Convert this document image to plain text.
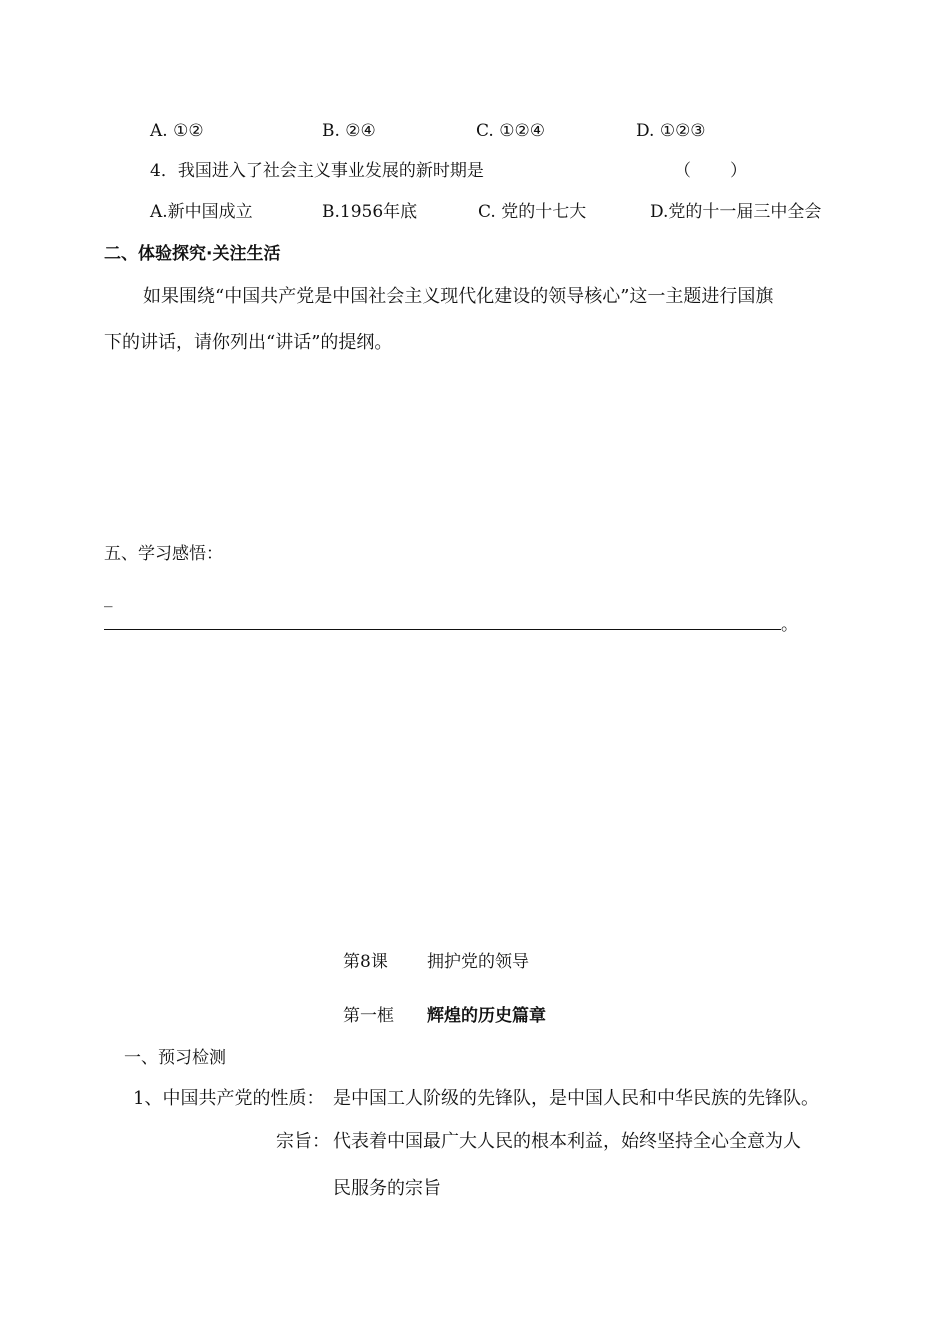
A. ①②	B. ②④	C. ①②④	D. ①②③
4．我国进入了社会主义事业发展的新时期是	（ ）
A.新中国成立	B.1956年底	C. 党的十七大	D.党的十一届三中全会
二、体验探究·关注生活
如果围绕“中国共产党是中国社会主义现代化建设的领导核心”这一主题进行国旗
下的讲话，请你列出“讲话”的提纲。
五、学习感悟：
_
。
第8课 拥护党的领导
第一框 辉煌的历史篇章
一、预习检测
1、中国共产党的性质： 是中国工人阶级的先锋队，是中国人民和中华民族的先锋队。
宗旨： 代表着中国最广大人民的根本利益，始终坚持全心全意为人
民服务的宗旨
